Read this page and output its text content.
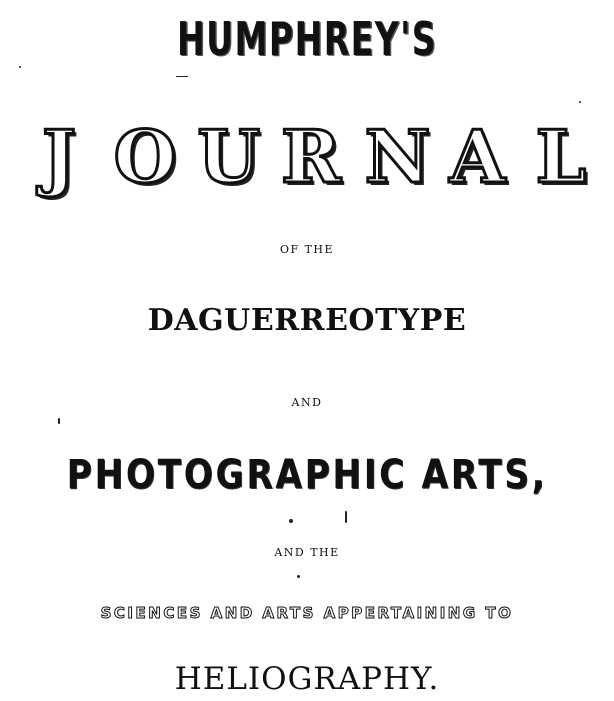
HUMPHREY'S
J O U R N A L
OF THE
DAGUERREOTYPE
AND
PHOTOGRAPHIC ARTS,
AND THE
SCIENCES AND ARTS APPERTAINING TO
HELIOGRAPHY.
